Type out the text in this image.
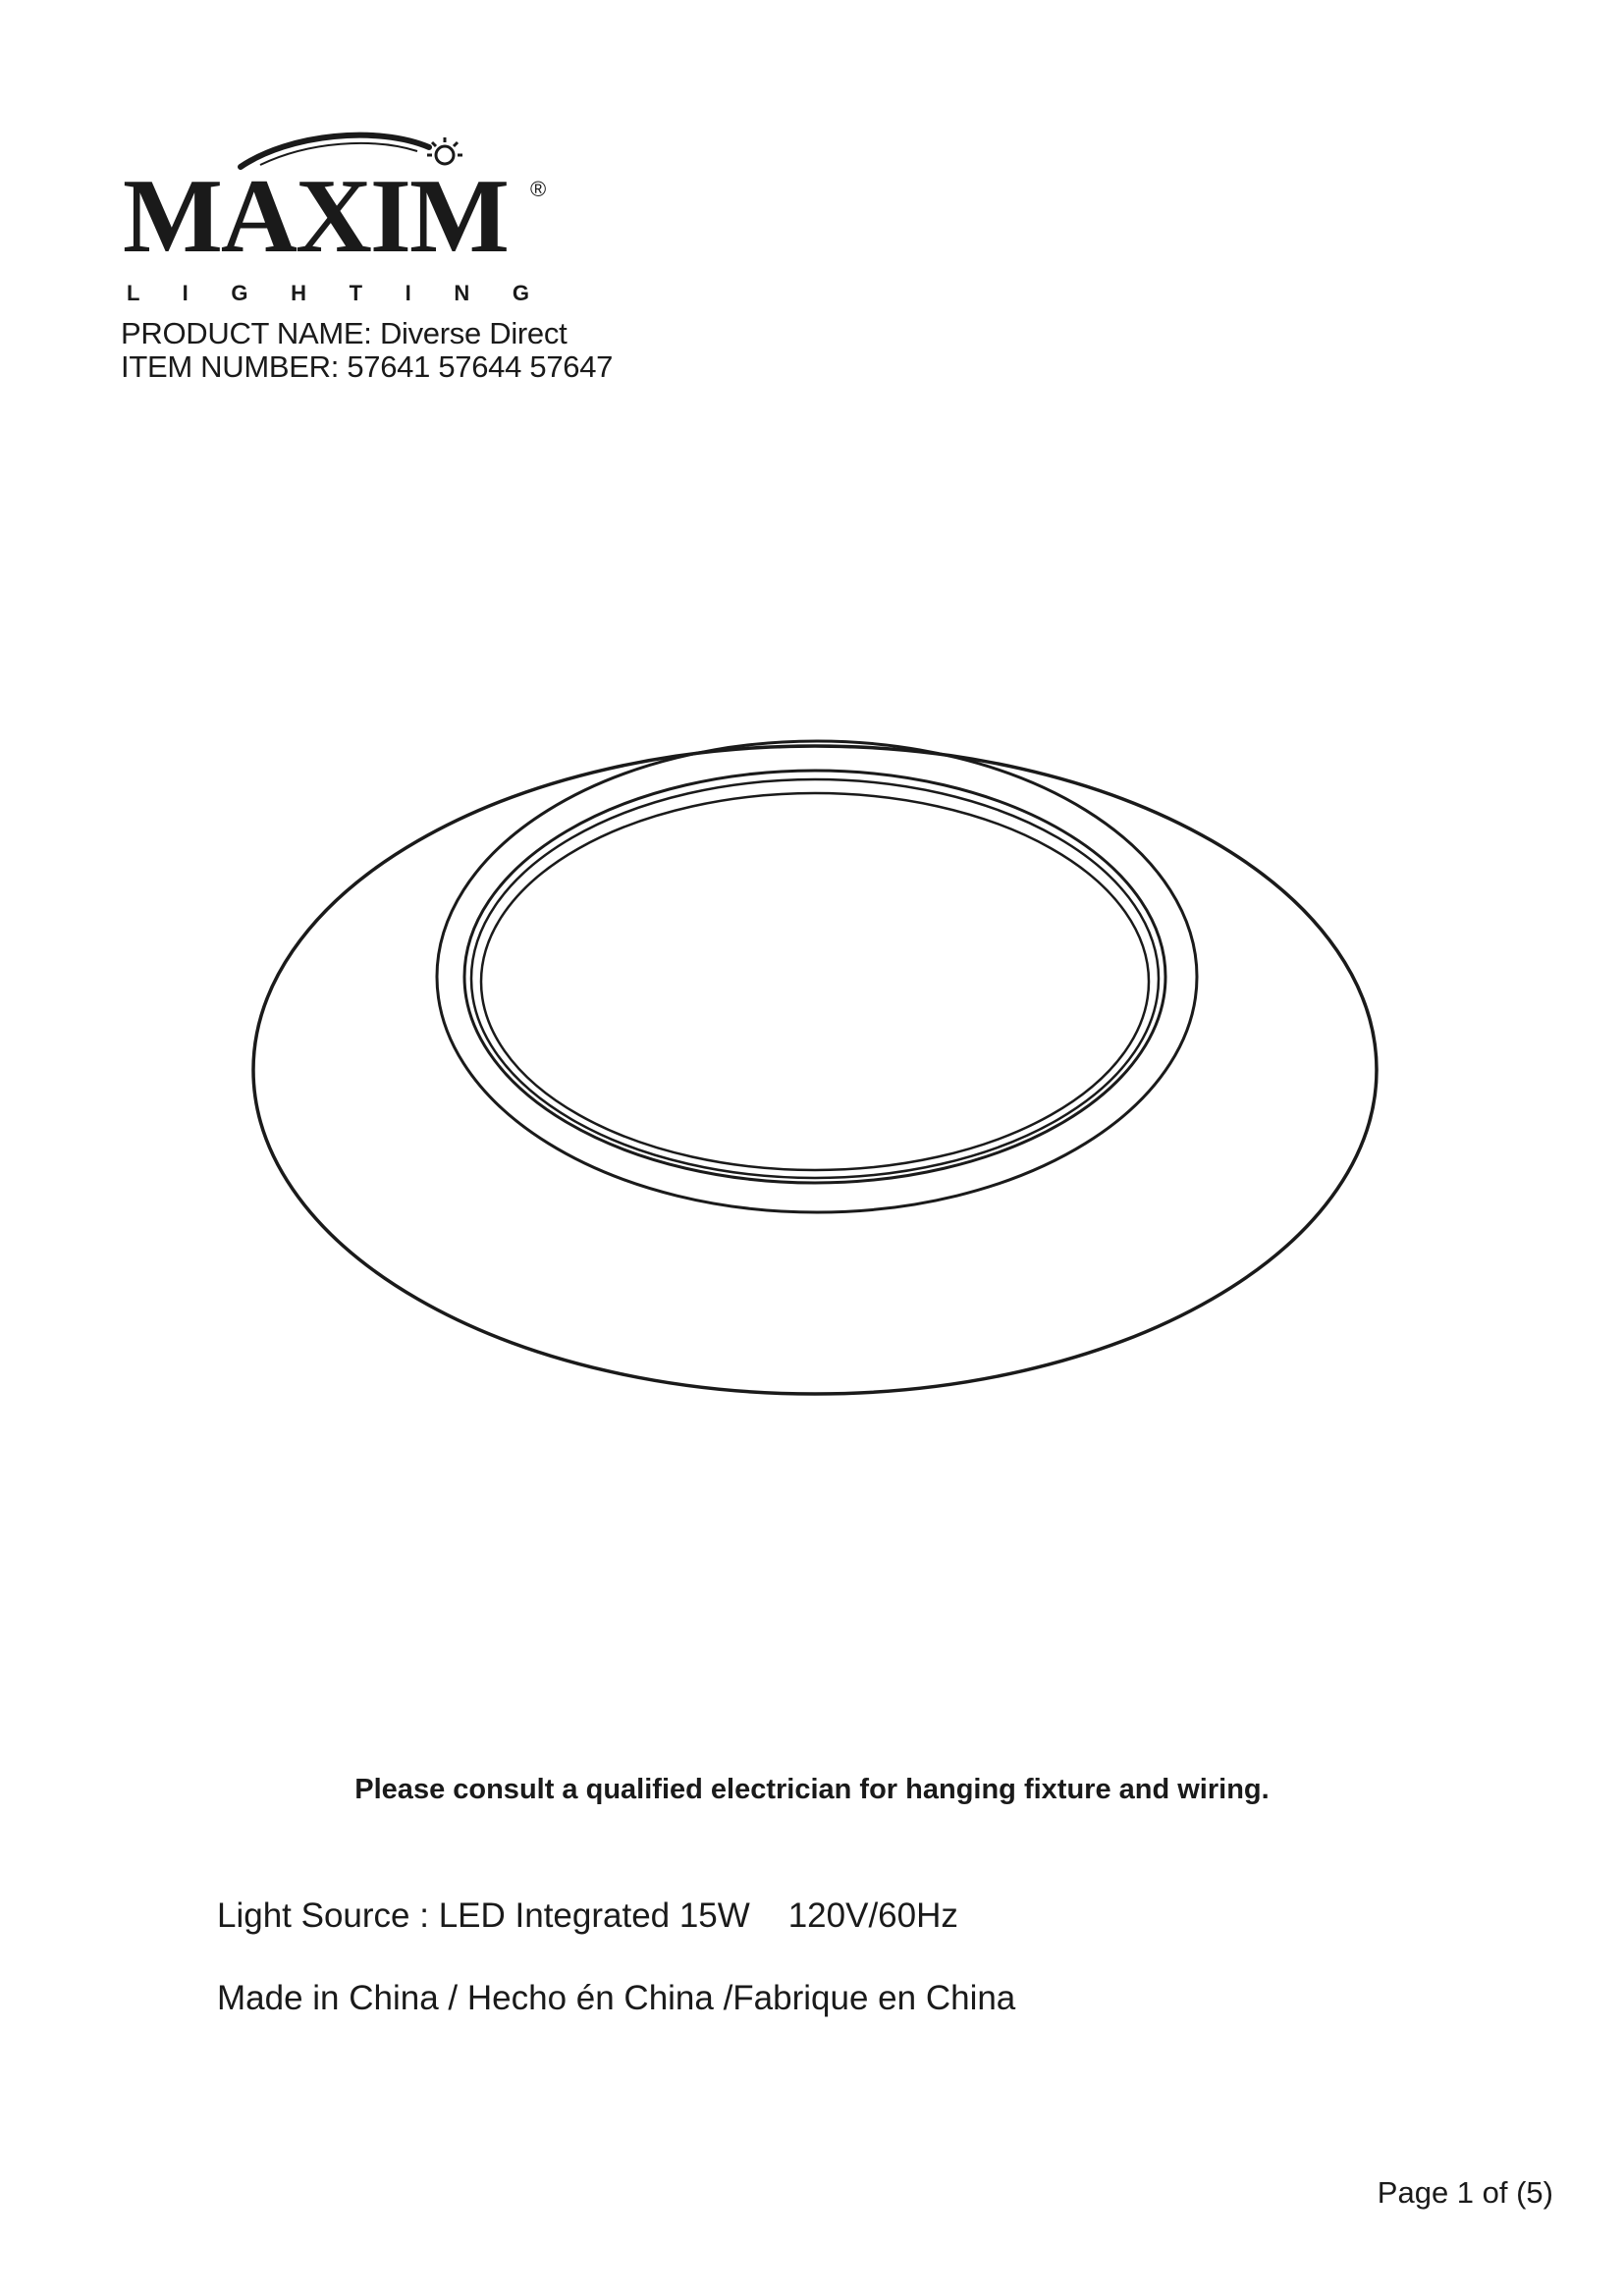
MAXIM ®
L I G H T I N G
PRODUCT NAME: Diverse Direct
ITEM NUMBER: 57641 57644 57647
Please consult a qualified electrician for hanging fixture and wiring.
Light Source : LED Integrated 15W    120V/60Hz
Made in China / Hecho én China /Fabrique en China
Page 1 of (5)
